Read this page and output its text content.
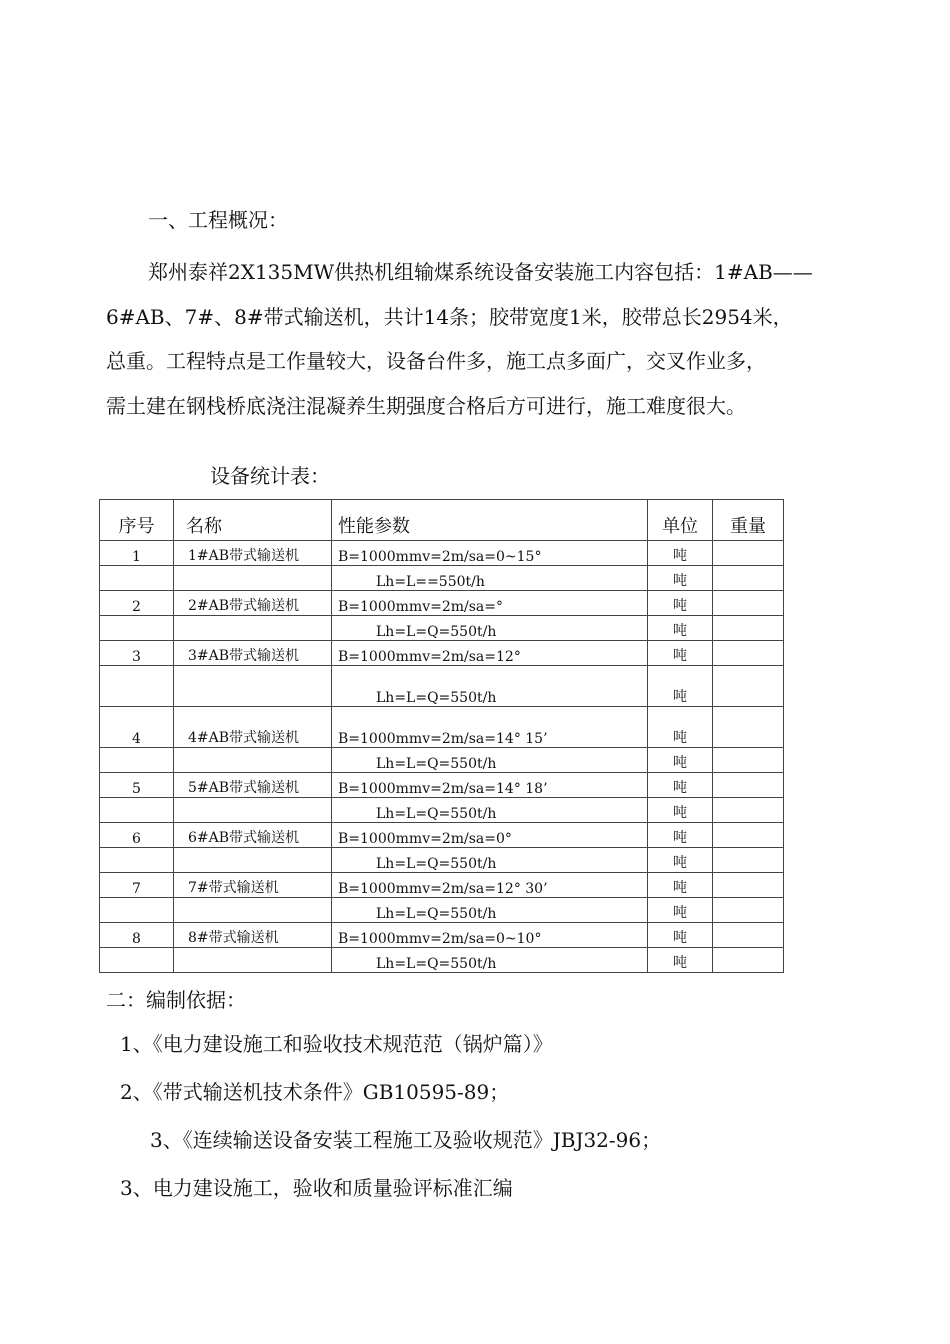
一、工程概况：
郑州泰祥2X135MW供热机组输煤系统设备安装施工内容包括：1#AB——
6#AB、7#、8#带式输送机，共计14条；胶带宽度1米，胶带总长2954米，
总重。工程特点是工作量较大，设备台件多，施工点多面广，交叉作业多，
需土建在钢栈桥底浇注混凝养生期强度合格后方可进行，施工难度很大。
设备统计表：
序号	名称	性能参数	单位	重量
1	1#AB带式输送机	B=1000mmv=2m/sa=0~15°	吨	
		Lh=L==550t/h	吨	
2	2#AB带式输送机	B=1000mmv=2m/sa=°	吨	
		Lh=L=Q=550t/h	吨	
3	3#AB带式输送机	B=1000mmv=2m/sa=12°	吨	
		Lh=L=Q=550t/h	吨	
4	4#AB带式输送机	B=1000mmv=2m/sa=14° 15’	吨	
		Lh=L=Q=550t/h	吨	
5	5#AB带式输送机	B=1000mmv=2m/sa=14° 18’	吨	
		Lh=L=Q=550t/h	吨	
6	6#AB带式输送机	B=1000mmv=2m/sa=0°	吨	
		Lh=L=Q=550t/h	吨	
7	7#带式输送机	B=1000mmv=2m/sa=12° 30’	吨	
		Lh=L=Q=550t/h	吨	
8	8#带式输送机	B=1000mmv=2m/sa=0~10°	吨	
		Lh=L=Q=550t/h	吨	
二：编制依据：
1、《电力建设施工和验收技术规范范（锅炉篇）》
2、《带式输送机技术条件》GB10595-89；
3、《连续输送设备安装工程施工及验收规范》JBJ32-96；
3、电力建设施工，验收和质量验评标准汇编
